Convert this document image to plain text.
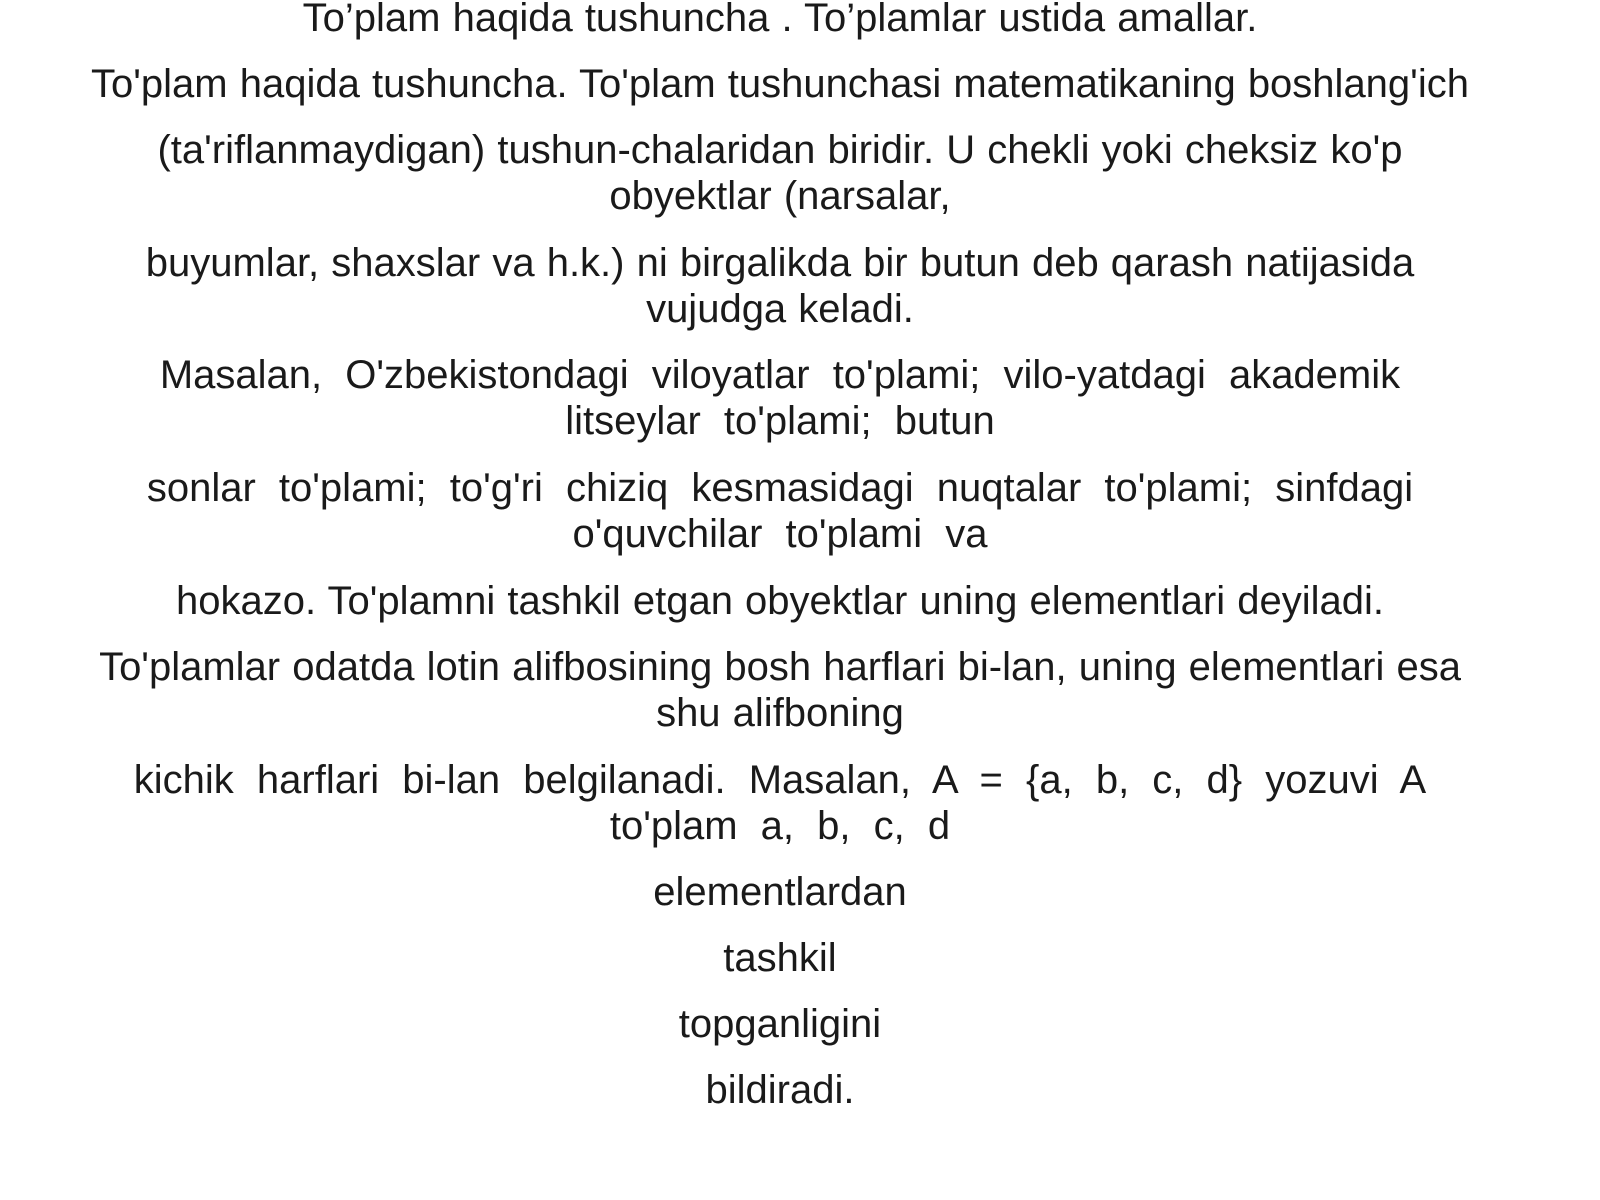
To’plam haqida tushuncha . To’plamlar ustida amallar.
To'plam haqida tushuncha. To'plam tushunchasi matematikaning boshlang'ich
(ta'riflanmaydigan) tushun-chalaridan biridir. U chekli yoki cheksiz ko'p
obyektlar (narsalar,
buyumlar, shaxslar va h.k.) ni birgalikda bir butun deb qarash natijasida
vujudga keladi.
Masalan, O'zbekistondagi viloyatlar to'plami; vilo-yatdagi akademik
litseylar to'plami; butun
sonlar to'plami; to'g'ri chiziq kesmasidagi nuqtalar to'plami; sinfdagi
o'quvchilar to'plami va
hokazo. To'plamni tashkil etgan obyektlar uning elementlari deyiladi.
To'plamlar odatda lotin alifbosining bosh harflari bi-lan, uning elementlari esa
shu alifboning
kichik harflari bi-lan belgilanadi. Masalan, A = {a, b, c, d} yozuvi A
to'plam a, b, c, d
elementlardan
tashkil
topganligini
bildiradi.
